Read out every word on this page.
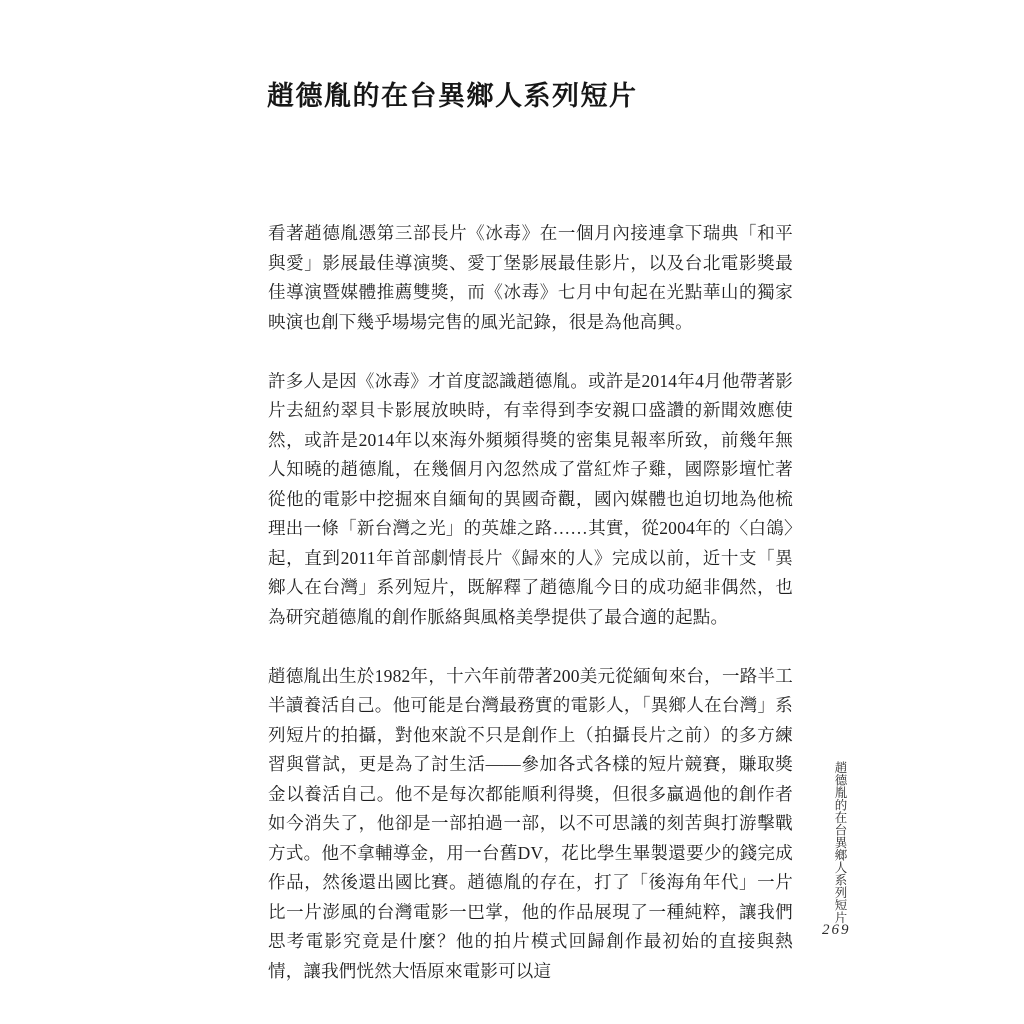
趙德胤的在台異鄉人系列短片

看著趙德胤憑第三部長片《冰毒》在一個月內接連拿下瑞典「和平與愛」影展最佳導演獎、愛丁堡影展最佳影片，以及台北電影獎最佳導演暨媒體推薦雙獎，而《冰毒》七月中旬起在光點華山的獨家映演也創下幾乎場場完售的風光記錄，很是為他高興。

許多人是因《冰毒》才首度認識趙德胤。或許是2014年4月他帶著影片去紐約翠貝卡影展放映時，有幸得到李安親口盛讚的新聞效應使然，或許是2014年以來海外頻頻得獎的密集見報率所致，前幾年無人知曉的趙德胤，在幾個月內忽然成了當紅炸子雞，國際影壇忙著從他的電影中挖掘來自緬甸的異國奇觀，國內媒體也迫切地為他梳理出一條「新台灣之光」的英雄之路……其實，從2004年的〈白鴿〉起，直到2011年首部劇情長片《歸來的人》完成以前，近十支「異鄉人在台灣」系列短片，既解釋了趙德胤今日的成功絕非偶然，也為研究趙德胤的創作脈絡與風格美學提供了最合適的起點。

趙德胤出生於1982年，十六年前帶著200美元從緬甸來台，一路半工半讀養活自己。他可能是台灣最務實的電影人，「異鄉人在台灣」系列短片的拍攝，對他來說不只是創作上（拍攝長片之前）的多方練習與嘗試，更是為了討生活——參加各式各樣的短片競賽，賺取獎金以養活自己。他不是每次都能順利得獎，但很多贏過他的創作者如今消失了，他卻是一部拍過一部，以不可思議的刻苦與打游擊戰方式。他不拿輔導金，用一台舊DV，花比學生畢製還要少的錢完成作品，然後還出國比賽。趙德胤的存在，打了「後海角年代」一片比一片澎風的台灣電影一巴掌，他的作品展現了一種純粹，讓我們思考電影究竟是什麼？他的拍片模式回歸創作最初始的直接與熱情，讓我們恍然大悟原來電影可以這

趙德胤的在台異鄉人系列短片
269
